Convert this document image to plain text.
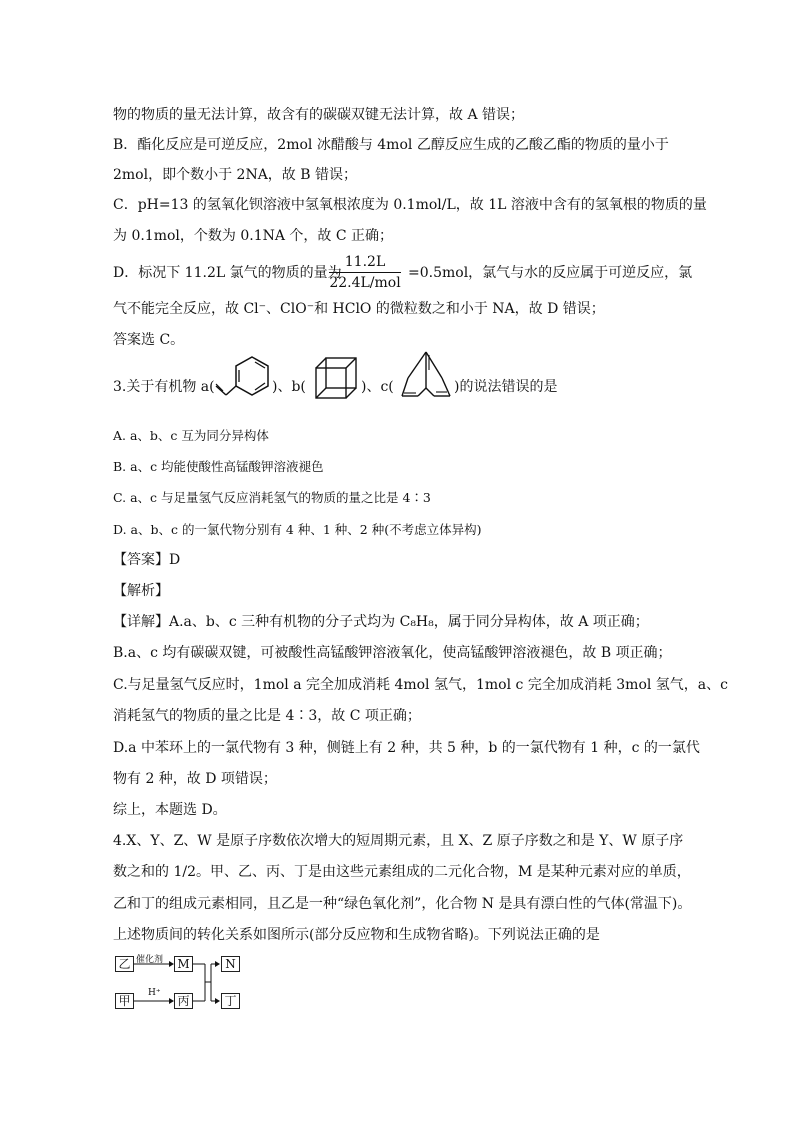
物的物质的量无法计算，故含有的碳碳双键无法计算，故 A 错误；
B．酯化反应是可逆反应，2mol 冰醋酸与 4mol 乙醇反应生成的乙酸乙酯的物质的量小于
2mol，即个数小于 2NA，故 B 错误；
C．pH=13 的氢氧化钡溶液中氢氧根浓度为 0.1mol/L，故 1L 溶液中含有的氢氧根的物质的量
为 0.1mol，个数为 0.1NA 个，故 C 正确；
D．标况下 11.2L 氯气的物质的量为
11.2L
22.4L/mol
=0.5mol，氯气与水的反应属于可逆反应，氯
气不能完全反应，故 Cl⁻、ClO⁻和 HClO 的微粒数之和小于 NA，故 D 错误；
答案选 C。
3.关于有机物 a(	)、b(	)、c(	)的说法错误的是
A. a、b、c 互为同分异构体
B. a、c 均能使酸性高锰酸钾溶液褪色
C. a、c 与足量氢气反应消耗氢气的物质的量之比是 4∶3
D. a、b、c 的一氯代物分别有 4 种、1 种、2 种(不考虑立体异构)
【答案】D
【解析】
【详解】A.a、b、c 三种有机物的分子式均为 C₈H₈，属于同分异构体，故 A 项正确；
B.a、c 均有碳碳双键，可被酸性高锰酸钾溶液氧化，使高锰酸钾溶液褪色，故 B 项正确；
C.与足量氢气反应时，1mol a 完全加成消耗 4mol 氢气，1mol c 完全加成消耗 3mol 氢气，a、c
消耗氢气的物质的量之比是 4∶3，故 C 项正确；
D.a 中苯环上的一氯代物有 3 种，侧链上有 2 种，共 5 种，b 的一氯代物有 1 种，c 的一氯代
物有 2 种，故 D 项错误；
综上，本题选 D。
4.X、Y、Z、W 是原子序数依次增大的短周期元素，且 X、Z 原子序数之和是 Y、W 原子序
数之和的 1/2。甲、乙、丙、丁是由这些元素组成的二元化合物，M 是某种元素对应的单质，
乙和丁的组成元素相同，且乙是一种“绿色氧化剂”，化合物 N 是具有漂白性的气体(常温下)。
上述物质间的转化关系如图所示(部分反应物和生成物省略)。下列说法正确的是
乙 催化剂 M	N
甲
H⁺
丙	丁
